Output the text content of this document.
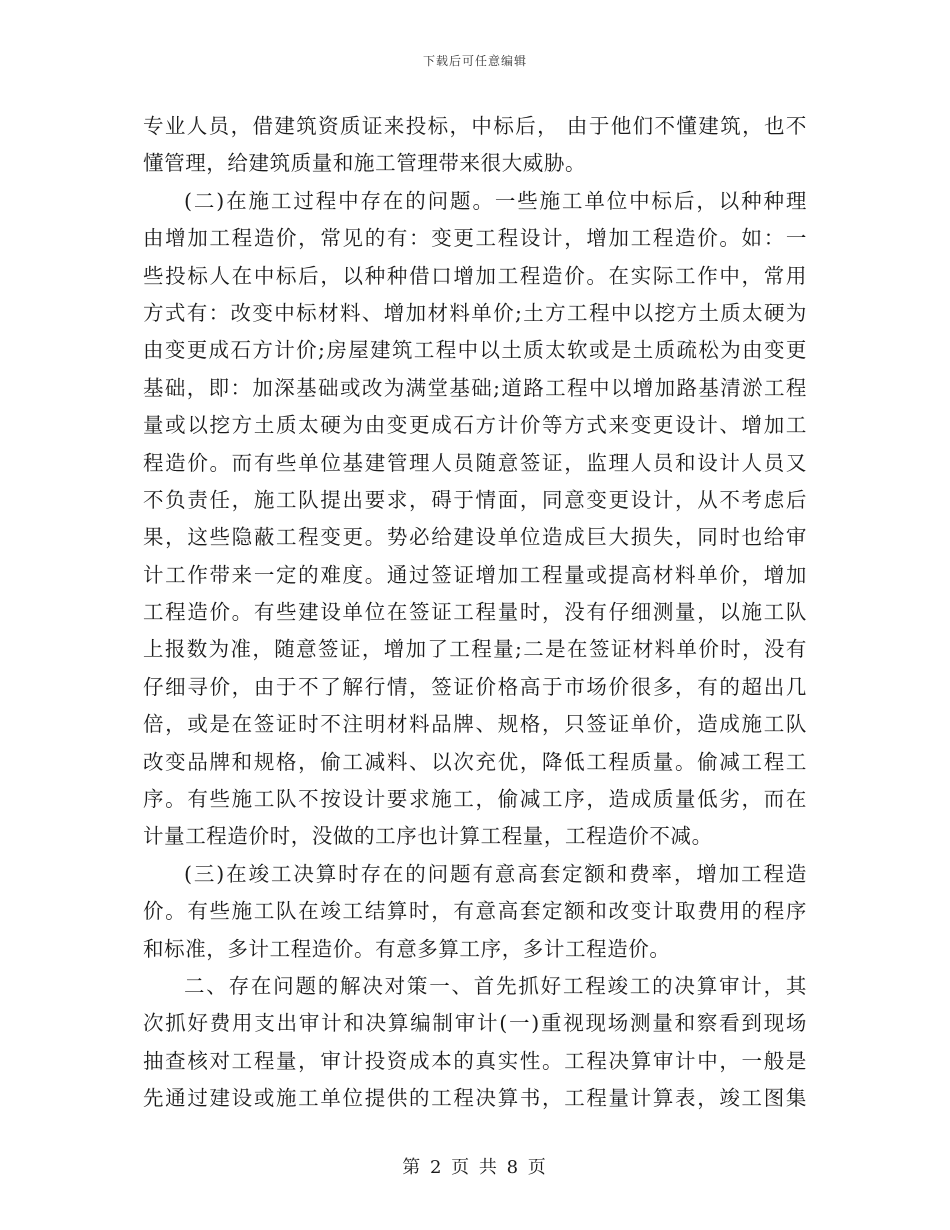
下载后可任意编辑
专业人员，借建筑资质证来投标，中标后， 由于他们不懂建筑，也不
懂管理，给建筑质量和施工管理带来很大威胁。
(二)在施工过程中存在的问题。一些施工单位中标后，以种种理
由增加工程造价，常见的有：变更工程设计，增加工程造价。如：一
些投标人在中标后，以种种借口增加工程造价。在实际工作中，常用
方式有：改变中标材料、增加材料单价;土方工程中以挖方土质太硬为
由变更成石方计价;房屋建筑工程中以土质太软或是土质疏松为由变更
基础，即：加深基础或改为满堂基础;道路工程中以增加路基清淤工程
量或以挖方土质太硬为由变更成石方计价等方式来变更设计、增加工
程造价。而有些单位基建管理人员随意签证，监理人员和设计人员又
不负责任，施工队提出要求，碍于情面，同意变更设计，从不考虑后
果，这些隐蔽工程变更。势必给建设单位造成巨大损失，同时也给审
计工作带来一定的难度。通过签证增加工程量或提高材料单价，增加
工程造价。有些建设单位在签证工程量时，没有仔细测量，以施工队
上报数为准，随意签证，增加了工程量;二是在签证材料单价时，没有
仔细寻价，由于不了解行情，签证价格高于市场价很多，有的超出几
倍，或是在签证时不注明材料品牌、规格，只签证单价，造成施工队
改变品牌和规格，偷工减料、以次充优，降低工程质量。偷减工程工
序。有些施工队不按设计要求施工，偷减工序，造成质量低劣，而在
计量工程造价时，没做的工序也计算工程量，工程造价不减。
(三)在竣工决算时存在的问题有意高套定额和费率，增加工程造
价。有些施工队在竣工结算时，有意高套定额和改变计取费用的程序
和标准，多计工程造价。有意多算工序，多计工程造价。
二、存在问题的解决对策一、首先抓好工程竣工的决算审计，其
次抓好费用支出审计和决算编制审计(一)重视现场测量和察看到现场
抽查核对工程量，审计投资成本的真实性。工程决算审计中，一般是
先通过建设或施工单位提供的工程决算书，工程量计算表，竣工图集
第 2 页 共 8 页
